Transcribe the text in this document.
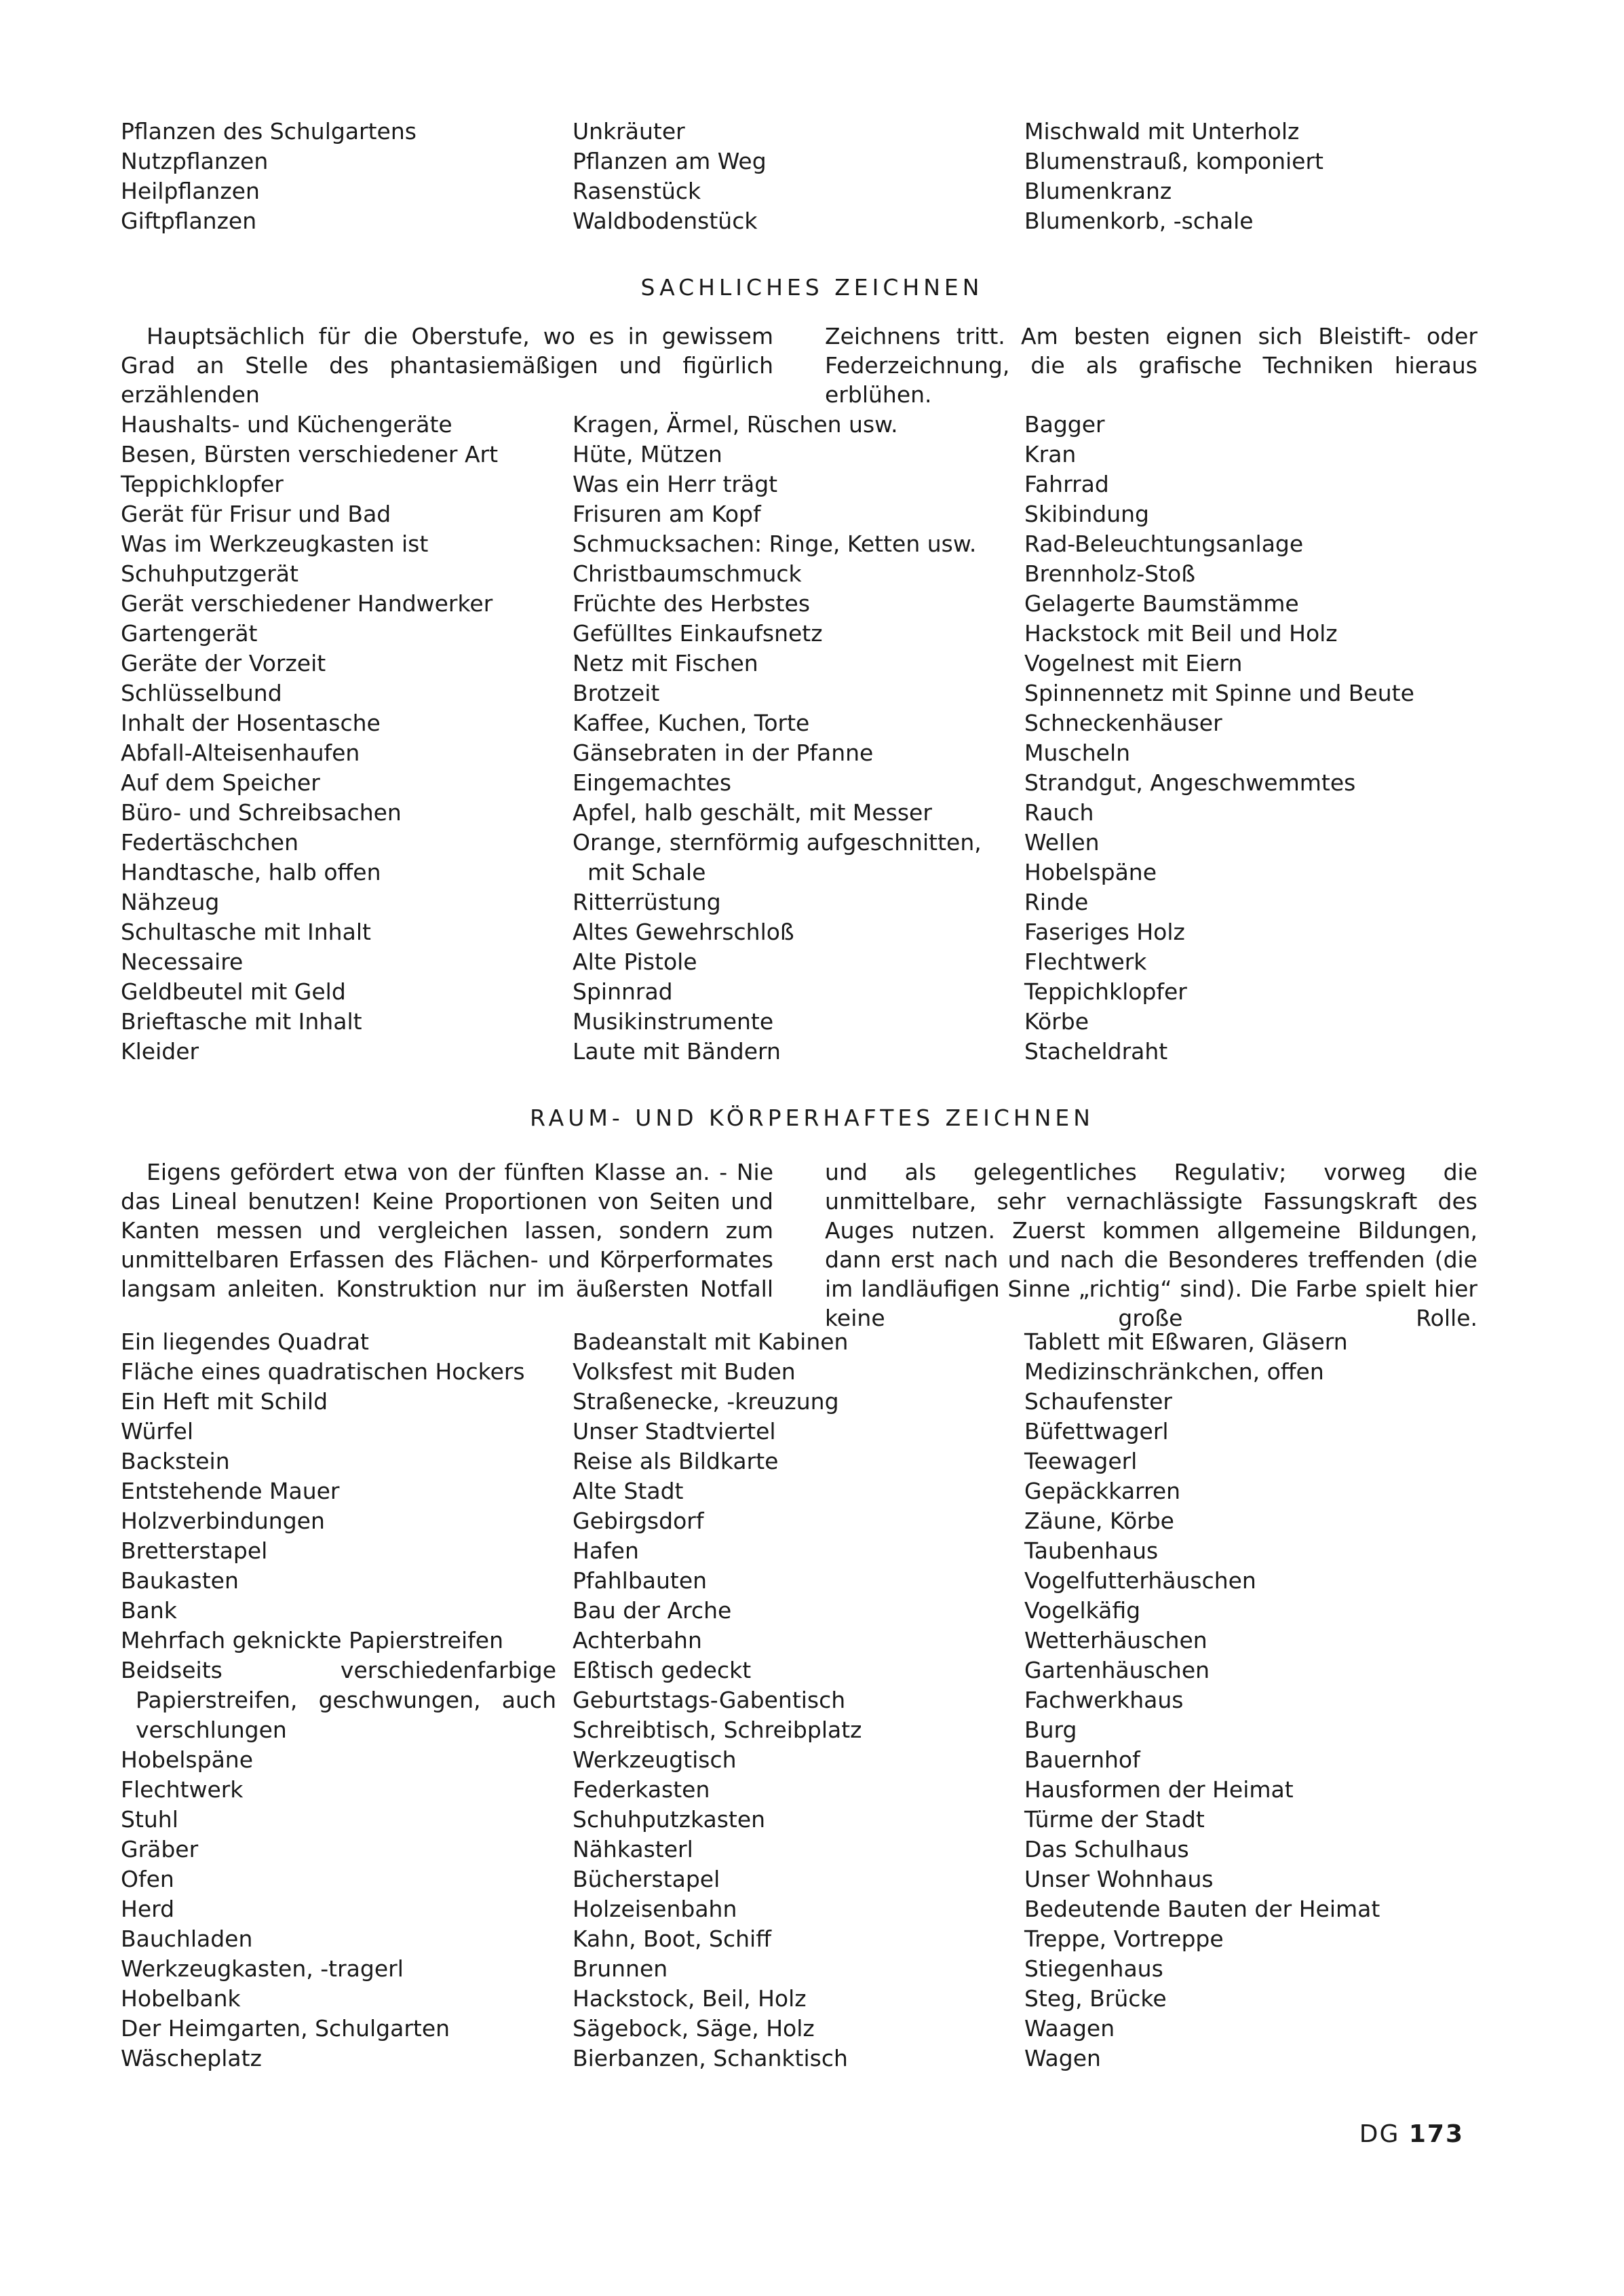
Pflanzen des Schulgartens
Nutzpflanzen
Heilpflanzen
Giftpflanzen
Unkräuter
Pflanzen am Weg
Rasenstück
Waldbodenstück
Mischwald mit Unterholz
Blumenstrauß, komponiert
Blumenkranz
Blumenkorb, -schale
SACHLICHES ZEICHNEN

Hauptsächlich für die Oberstufe, wo es in gewissem Grad an Stelle des phantasiemäßigen und figürlich erzählenden

Zeichnens tritt. Am besten eignen sich Bleistift- oder Federzeichnung, die als grafische Techniken hieraus erblühen.

Haushalts- und Küchengeräte
Besen, Bürsten verschiedener Art
Teppichklopfer
Gerät für Frisur und Bad
Was im Werkzeugkasten ist
Schuhputzgerät
Gerät verschiedener Handwerker
Gartengerät
Geräte der Vorzeit
Schlüsselbund
Inhalt der Hosentasche
Abfall-Alteisenhaufen
Auf dem Speicher
Büro- und Schreibsachen
Federtäschchen
Handtasche, halb offen
Nähzeug
Schultasche mit Inhalt
Necessaire
Geldbeutel mit Geld
Brieftasche mit Inhalt
Kleider
Kragen, Ärmel, Rüschen usw.
Hüte, Mützen
Was ein Herr trägt
Frisuren am Kopf
Schmucksachen: Ringe, Ketten usw.
Christbaumschmuck
Früchte des Herbstes
Gefülltes Einkaufsnetz
Netz mit Fischen
Brotzeit
Kaffee, Kuchen, Torte
Gänsebraten in der Pfanne
Eingemachtes
Apfel, halb geschält, mit Messer
Orange, sternförmig aufgeschnitten,
mit Schale
Ritterrüstung
Altes Gewehrschloß
Alte Pistole
Spinnrad
Musikinstrumente
Laute mit Bändern
Bagger
Kran
Fahrrad
Skibindung
Rad-Beleuchtungsanlage
Brennholz-Stoß
Gelagerte Baumstämme
Hackstock mit Beil und Holz
Vogelnest mit Eiern
Spinnennetz mit Spinne und Beute
Schneckenhäuser
Muscheln
Strandgut, Angeschwemmtes
Rauch
Wellen
Hobelspäne
Rinde
Faseriges Holz
Flechtwerk
Teppichklopfer
Körbe
Stacheldraht
RAUM- UND KÖRPERHAFTES ZEICHNEN

Eigens gefördert etwa von der fünften Klasse an. - Nie das Lineal benutzen! Keine Proportionen von Seiten und Kanten messen und vergleichen lassen, sondern zum unmittelbaren Erfassen des Flächen- und Körperformates langsam anleiten. Konstruktion nur im äußersten Notfall

und als gelegentliches Regulativ; vorweg die unmittelbare, sehr vernachlässigte Fassungskraft des Auges nutzen. Zuerst kommen allgemeine Bildungen, dann erst nach und nach die Besonderes treffenden (die im landläufigen Sinne „richtig“ sind). Die Farbe spielt hier keine große Rolle.

Ein liegendes Quadrat
Fläche eines quadratischen Hockers
Ein Heft mit Schild
Würfel
Backstein
Entstehende Mauer
Holzverbindungen
Bretterstapel
Baukasten
Bank
Mehrfach geknickte Papierstreifen
Beidseits verschiedenfarbige Papierstreifen, geschwungen, auch verschlungen
Hobelspäne
Flechtwerk
Stuhl
Gräber
Ofen
Herd
Bauchladen
Werkzeugkasten, -tragerl
Hobelbank
Der Heimgarten, Schulgarten
Wäscheplatz
Badeanstalt mit Kabinen
Volksfest mit Buden
Straßenecke, -kreuzung
Unser Stadtviertel
Reise als Bildkarte
Alte Stadt
Gebirgsdorf
Hafen
Pfahlbauten
Bau der Arche
Achterbahn
Eßtisch gedeckt
Geburtstags-Gabentisch
Schreibtisch, Schreibplatz
Werkzeugtisch
Federkasten
Schuhputzkasten
Nähkasterl
Bücherstapel
Holzeisenbahn
Kahn, Boot, Schiff
Brunnen
Hackstock, Beil, Holz
Sägebock, Säge, Holz
Bierbanzen, Schanktisch
Tablett mit Eßwaren, Gläsern
Medizinschränkchen, offen
Schaufenster
Büfettwagerl
Teewagerl
Gepäckkarren
Zäune, Körbe
Taubenhaus
Vogelfutterhäuschen
Vogelkäfig
Wetterhäuschen
Gartenhäuschen
Fachwerkhaus
Burg
Bauernhof
Hausformen der Heimat
Türme der Stadt
Das Schulhaus
Unser Wohnhaus
Bedeutende Bauten der Heimat
Treppe, Vortreppe
Stiegenhaus
Steg, Brücke
Waagen
Wagen
DG 173
